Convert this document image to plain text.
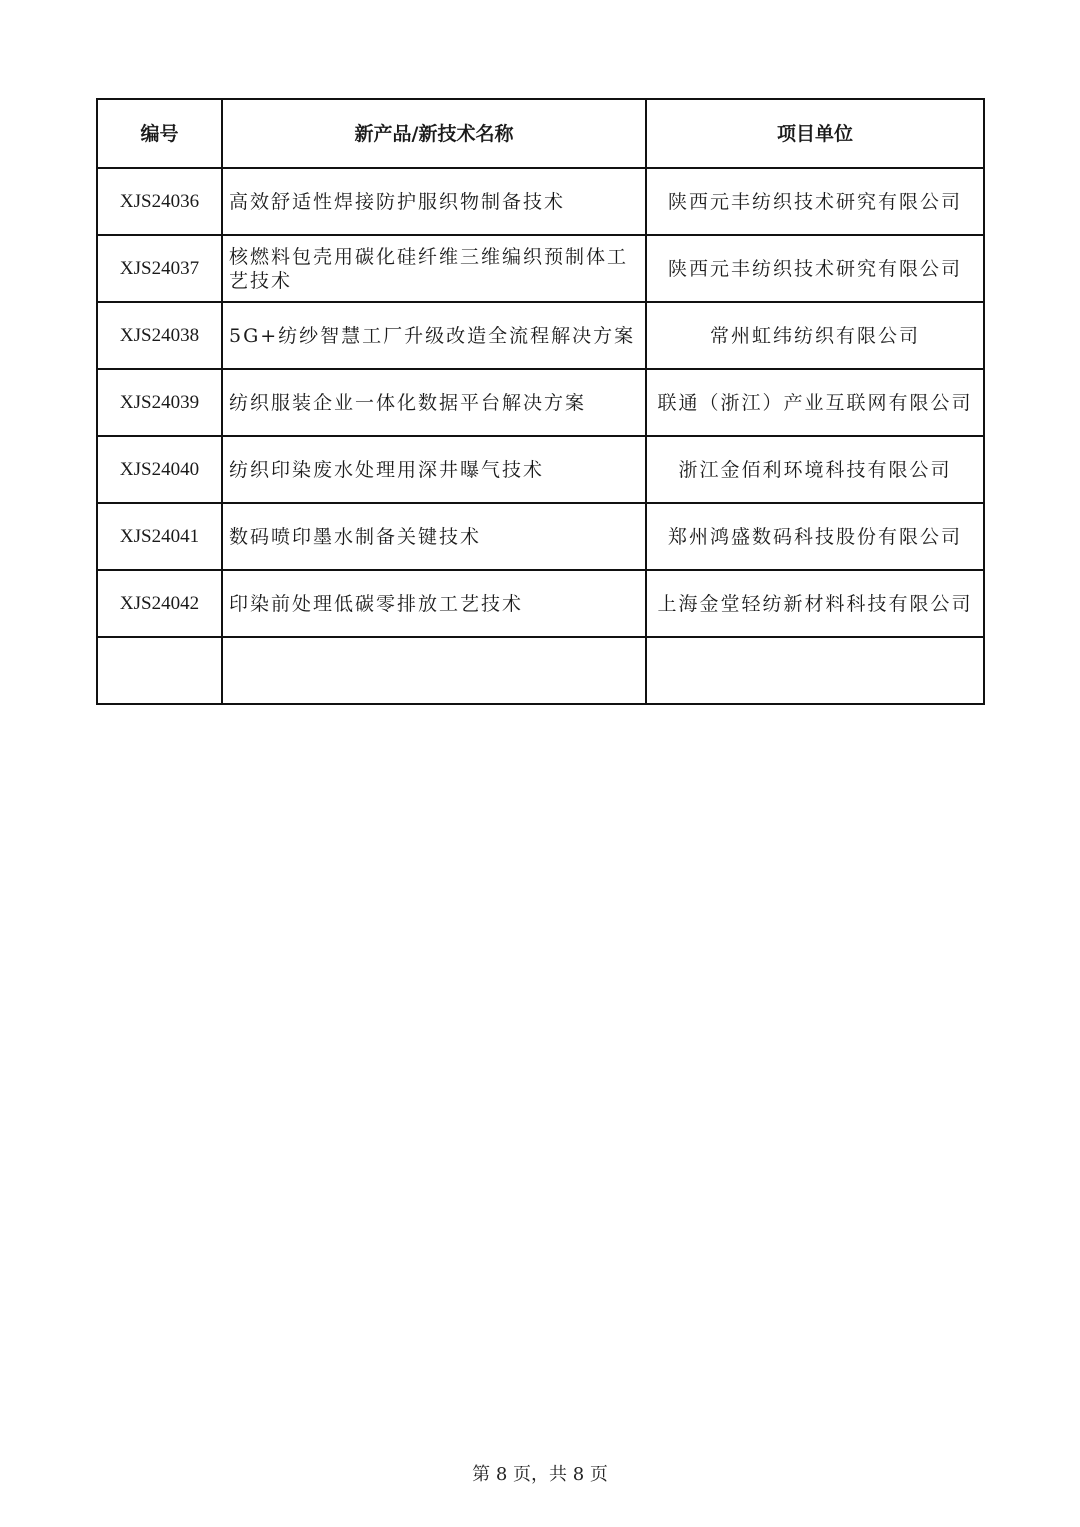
编号	新产品/新技术名称	项目单位
XJS24036	高效舒适性焊接防护服织物制备技术	陕西元丰纺织技术研究有限公司
XJS24037	核燃料包壳用碳化硅纤维三维编织预制体工艺技术	陕西元丰纺织技术研究有限公司
XJS24038	5G+纺纱智慧工厂升级改造全流程解决方案	常州虹纬纺织有限公司
XJS24039	纺织服装企业一体化数据平台解决方案	联通（浙江）产业互联网有限公司
XJS24040	纺织印染废水处理用深井曝气技术	浙江金佰利环境科技有限公司
XJS24041	数码喷印墨水制备关键技术	郑州鸿盛数码科技股份有限公司
XJS24042	印染前处理低碳零排放工艺技术	上海金堂轻纺新材料科技有限公司

第 8 页，共 8 页
